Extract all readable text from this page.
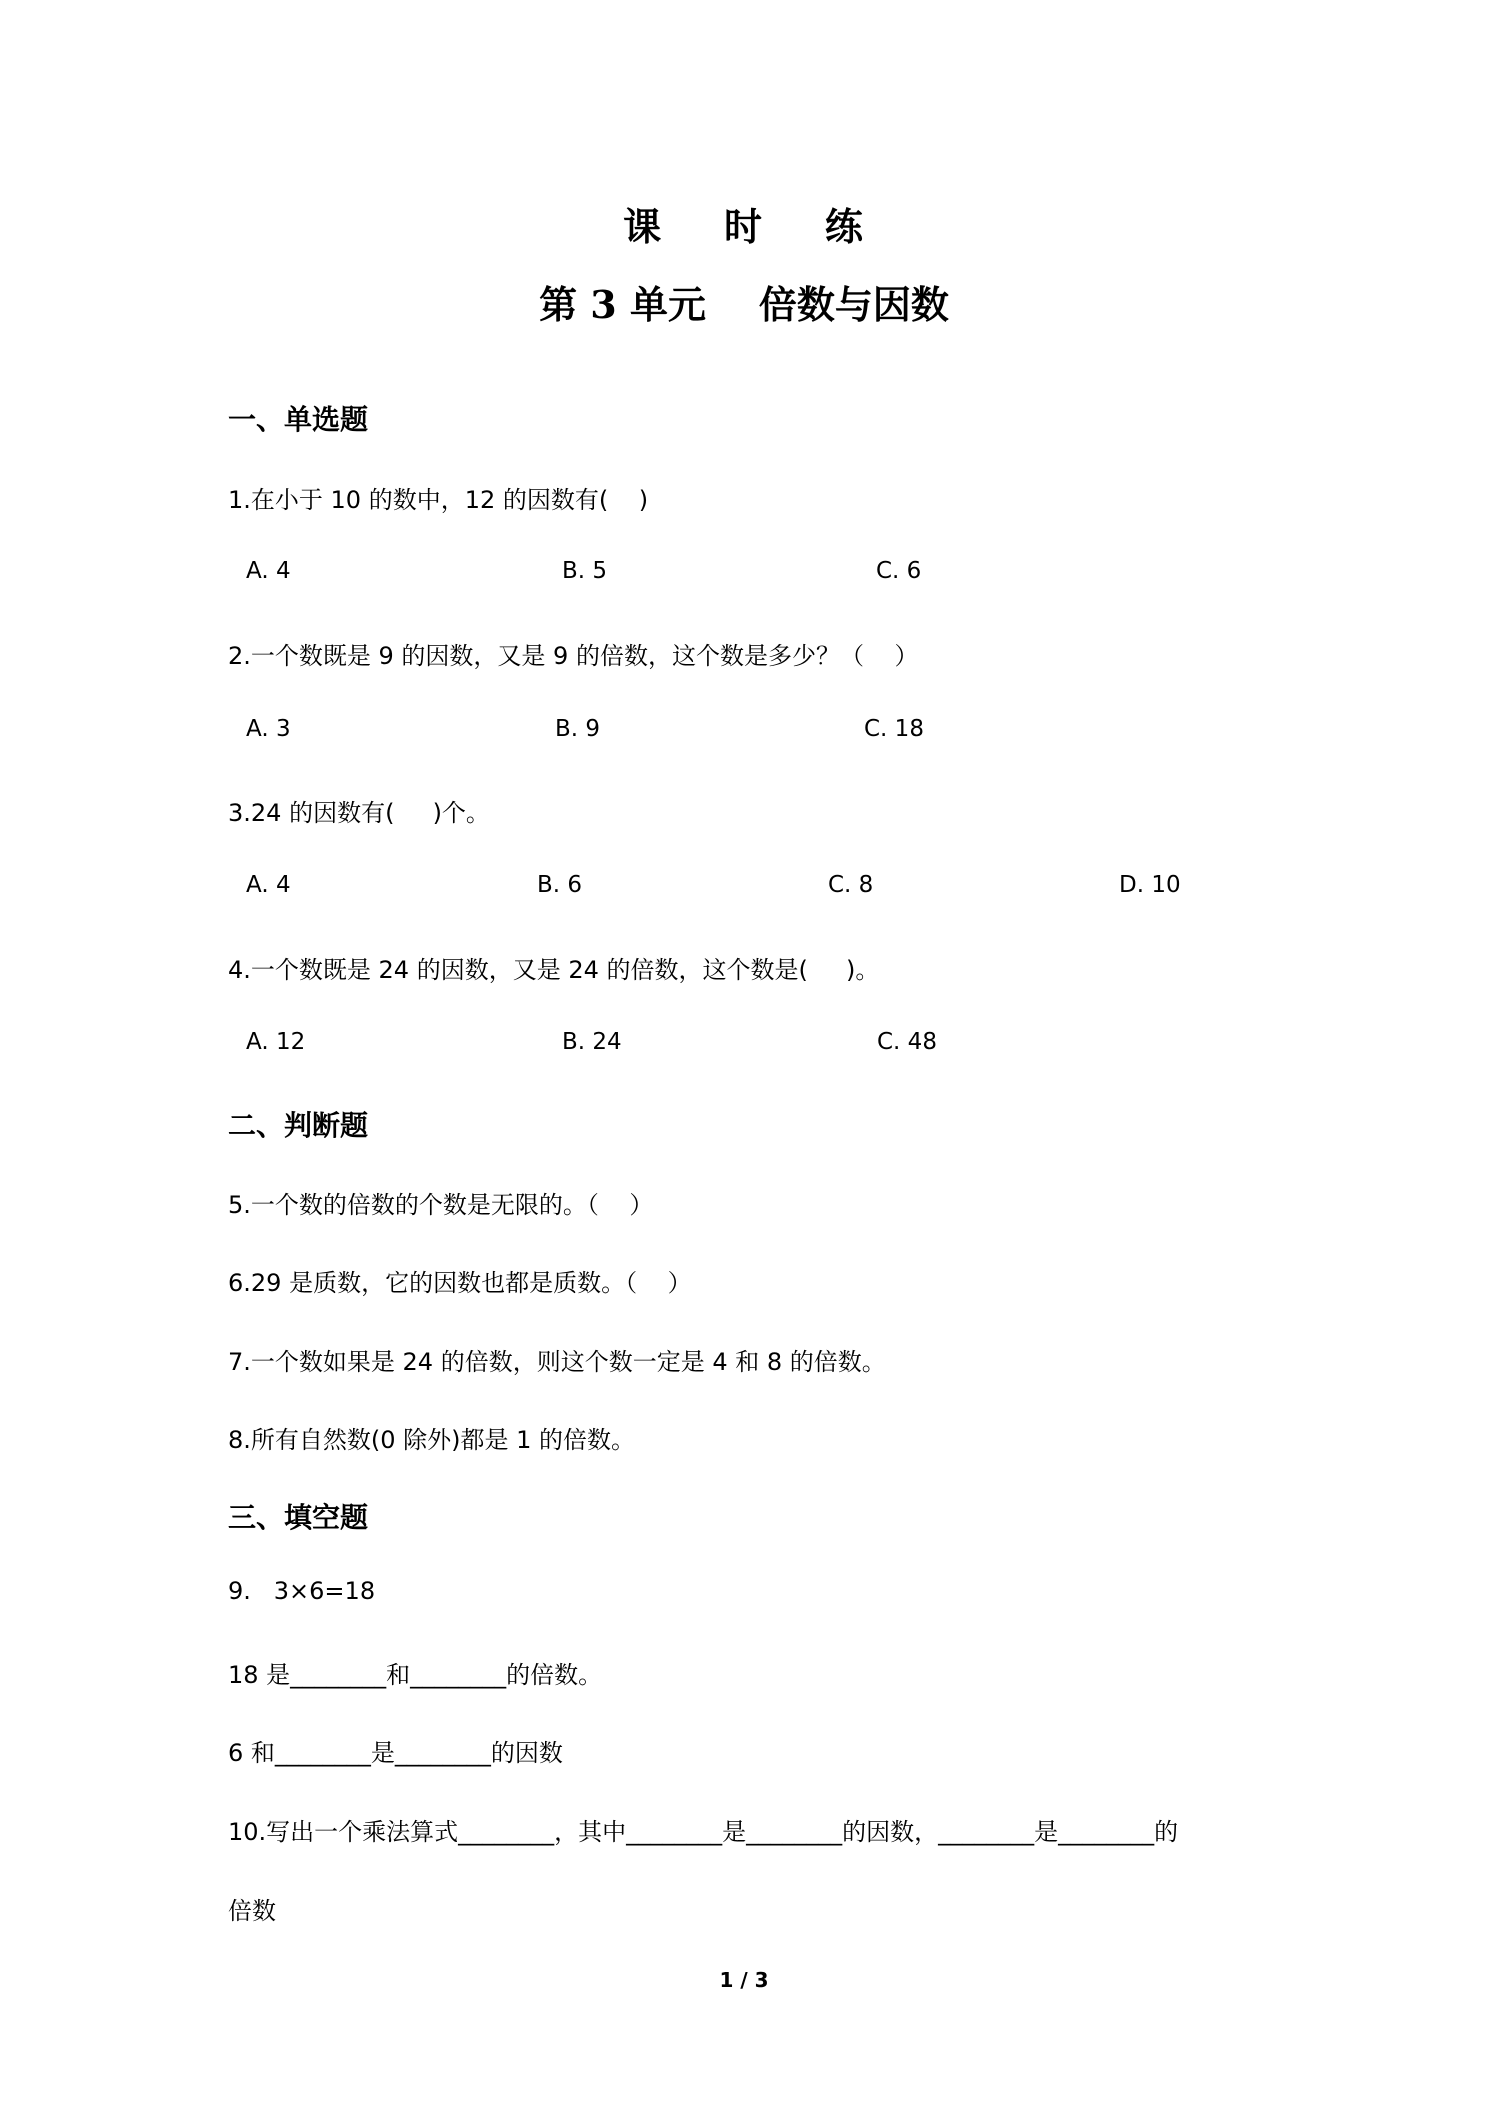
课    时    练
第 3 单元    倍数与因数
一、单选题
1.在小于 10 的数中，12 的因数有(    )
A. 4	B. 5	C. 6
2.一个数既是 9 的因数，又是 9 的倍数，这个数是多少？（    ）
A. 3	B. 9	C. 18
3.24 的因数有(     )个。
A. 4	B. 6	C. 8	D. 10
4.一个数既是 24 的因数，又是 24 的倍数，这个数是(     )。
A. 12	B. 24	C. 48
二、判断题
5.一个数的倍数的个数是无限的。（    ）
6.29 是质数，它的因数也都是质数。（    ）
7.一个数如果是 24 的倍数，则这个数一定是 4 和 8 的倍数。
8.所有自然数(0 除外)都是 1 的倍数。
三、填空题
9.   3×6=18
18 是________和________的倍数。
6 和________是________的因数
10.写出一个乘法算式________，其中________是________的因数，________是________的
倍数
1 / 3
